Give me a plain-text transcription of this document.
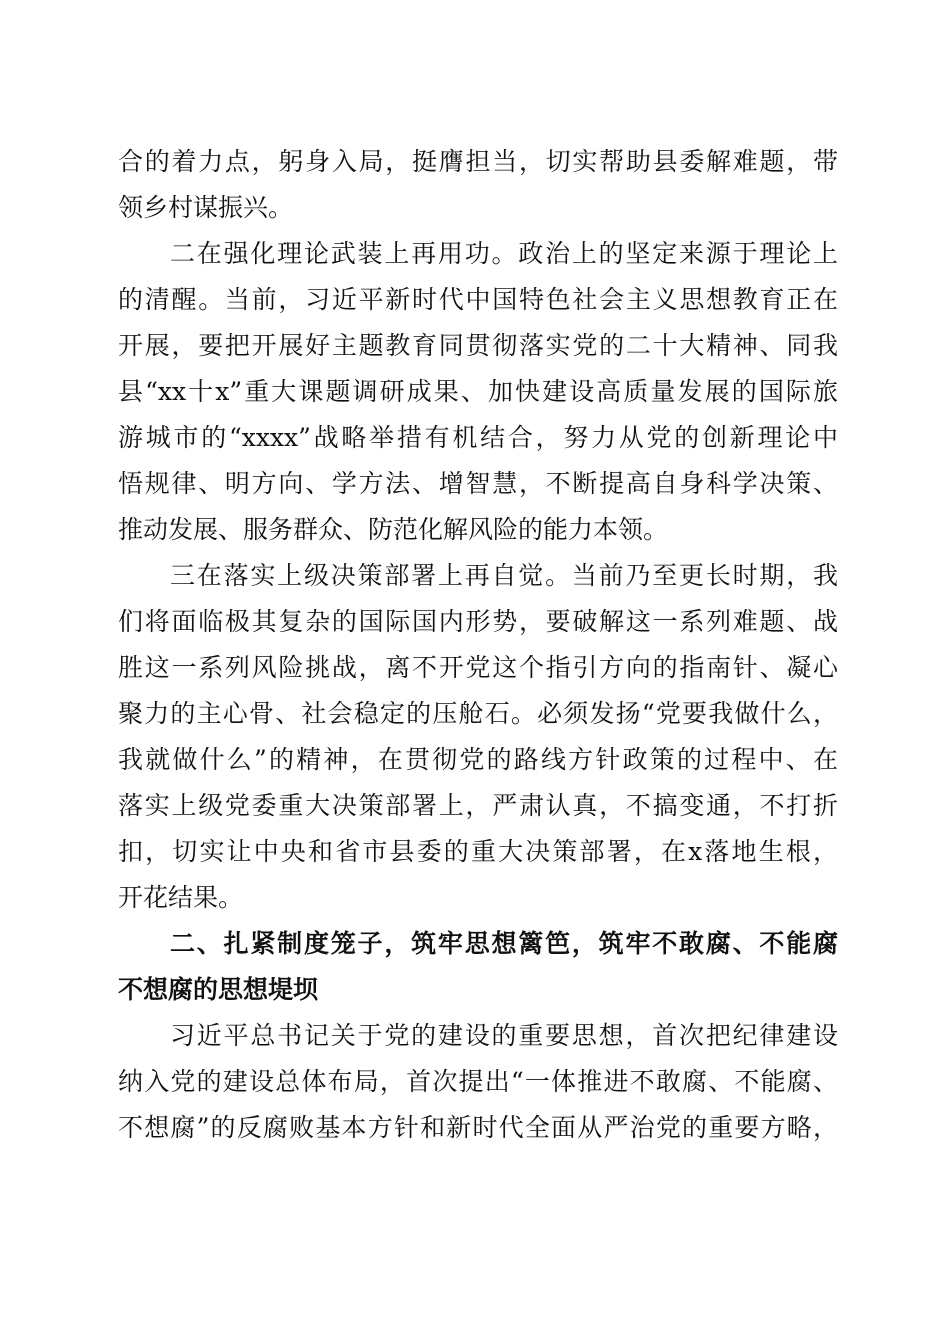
合的着力点，躬身入局，挺膺担当，切实帮助县委解难题，带
领乡村谋振兴。
二在强化理论武装上再用功。政治上的坚定来源于理论上
的清醒。当前，习近平新时代中国特色社会主义思想教育正在
开展，要把开展好主题教育同贯彻落实党的二十大精神、同我
县“xx十x”重大课题调研成果、加快建设高质量发展的国际旅
游城市的“xxxx”战略举措有机结合，努力从党的创新理论中
悟规律、明方向、学方法、增智慧，不断提高自身科学决策、
推动发展、服务群众、防范化解风险的能力本领。
三在落实上级决策部署上再自觉。当前乃至更长时期，我
们将面临极其复杂的国际国内形势，要破解这一系列难题、战
胜这一系列风险挑战，离不开党这个指引方向的指南针、凝心
聚力的主心骨、社会稳定的压舱石。必须发扬“党要我做什么，
我就做什么”的精神，在贯彻党的路线方针政策的过程中、在
落实上级党委重大决策部署上，严肃认真，不搞变通，不打折
扣，切实让中央和省市县委的重大决策部署，在x落地生根，
开花结果。
二、扎紧制度笼子，筑牢思想篱笆，筑牢不敢腐、不能腐
不想腐的思想堤坝
习近平总书记关于党的建设的重要思想，首次把纪律建设
纳入党的建设总体布局，首次提出“一体推进不敢腐、不能腐、
不想腐”的反腐败基本方针和新时代全面从严治党的重要方略，
